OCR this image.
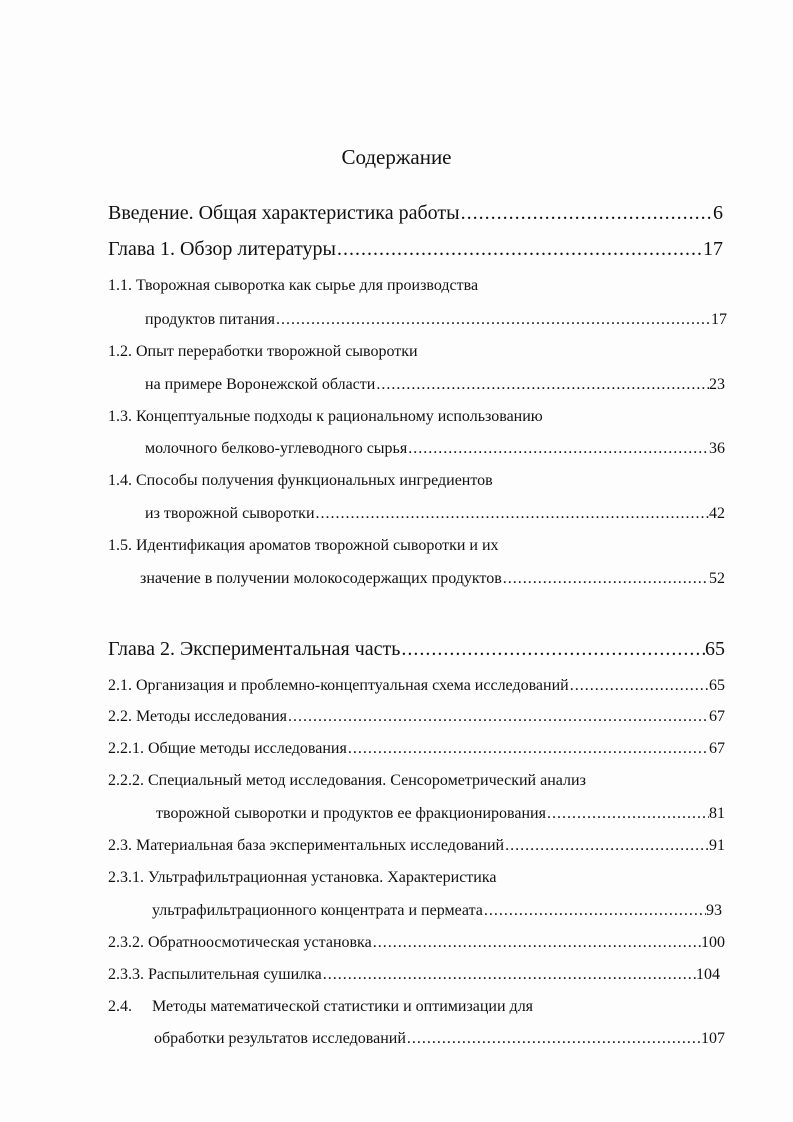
Содержание
Введение. Общая характеристика работы .....	6
Глава 1. Обзор литературы .....	17
1.1. Творожная сыворотка как сырье для производства
продуктов питания .....	17
1.2. Опыт переработки творожной сыворотки
на примере Воронежской области .....	23
1.3. Концептуальные подходы к рациональному использованию
молочного белково-углеводного сырья .....	36
1.4. Способы получения функциональных ингредиентов
из творожной сыворотки .....	42
1.5. Идентификация ароматов творожной сыворотки и их
значение в получении молокосодержащих продуктов .....	52
Глава 2. Экспериментальная часть .....	65
2.1. Организация и проблемно-концептуальная схема исследований .....	65
2.2. Методы исследования .....	67
2.2.1. Общие методы исследования .....	67
2.2.2. Специальный метод исследования. Сенсорометрический анализ
творожной сыворотки и продуктов ее фракционирования .....	81
2.3. Материальная база экспериментальных исследований .....	91
2.3.1. Ультрафильтрационная установка. Характеристика
ультрафильтрационного концентрата и пермеата .....	93
2.3.2. Обратноосмотическая установка .....	100
2.3.3. Распылительная сушилка .....	104
2.4.     Методы математической статистики и оптимизации для
обработки результатов исследований .....	107
